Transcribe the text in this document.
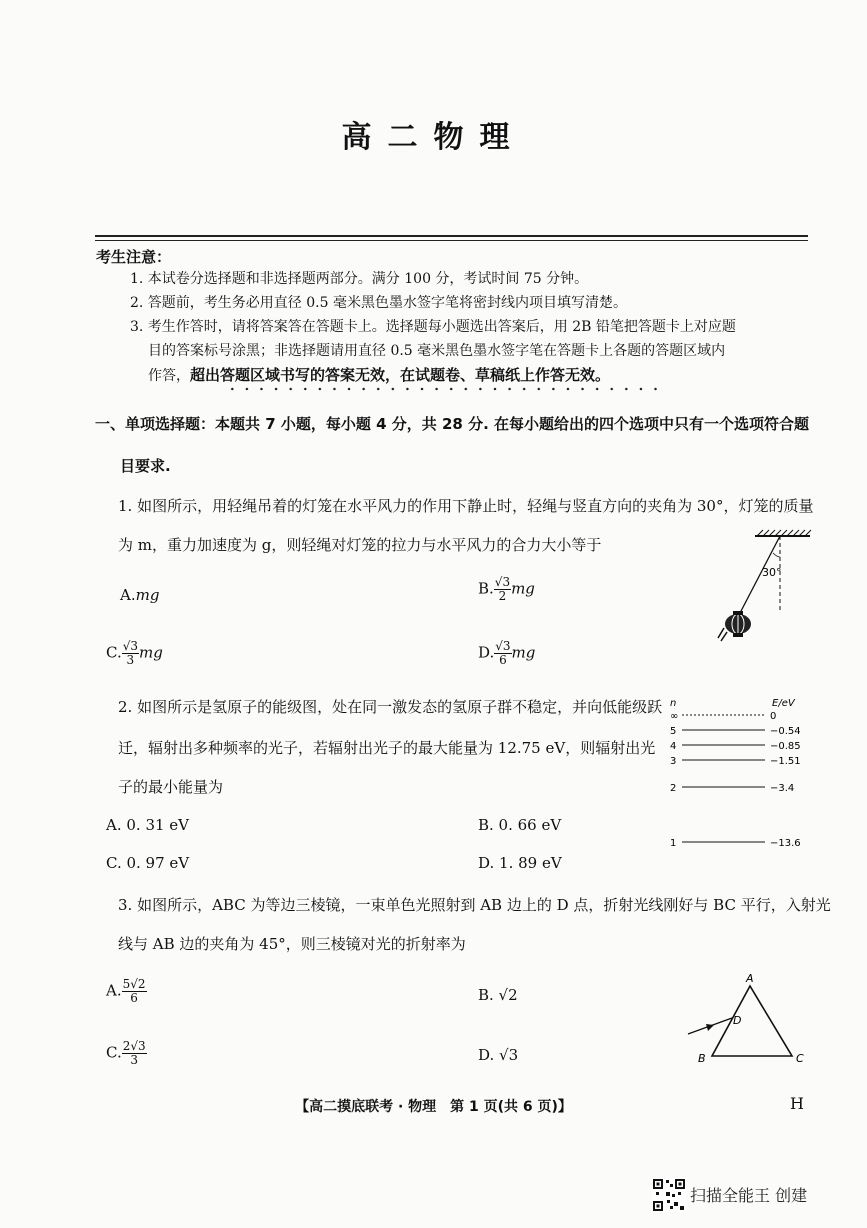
高二物理
考生注意：
1. 本试卷分选择题和非选择题两部分。满分 100 分，考试时间 75 分钟。
2. 答题前，考生务必用直径 0.5 毫米黑色墨水签字笔将密封线内项目填写清楚。
3. 考生作答时，请将答案答在答题卡上。选择题每小题选出答案后，用 2B 铅笔把答题卡上对应题
目的答案标号涂黑；非选择题请用直径 0.5 毫米黑色墨水签字笔在答题卡上各题的答题区域内
作答，超出答题区域书写的答案无效，在试题卷、草稿纸上作答无效。
一、单项选择题：本题共 7 小题，每小题 4 分，共 28 分. 在每小题给出的四个选项中只有一个选项符合题
目要求.
1. 如图所示，用轻绳吊着的灯笼在水平风力的作用下静止时，轻绳与竖直方向的夹角为 30°，灯笼的质量
为 m，重力加速度为 g，则轻绳对灯笼的拉力与水平风力的合力大小等于
A.mg	B. $\frac{√3}{2}$ mg
C. $\frac{√3}{3}$ mg	D. $\frac{√3}{6}$ mg
30°
2. 如图所示是氢原子的能级图，处在同一激发态的氢原子群不稳定，并向低能级跃
迁，辐射出多种频率的光子，若辐射出光子的最大能量为 12.75 eV，则辐射出光
子的最小能量为
A. 0. 31 eV	B. 0. 66 eV
C. 0. 97 eV	D. 1. 89 eV
n	E/eV
∞	0
5	−0.54
4	−0.85
3	−1.51
2	−3.4
1	−13.6
3. 如图所示，ABC 为等边三棱镜，一束单色光照射到 AB 边上的 D 点，折射光线刚好与 BC 平行，入射光
线与 AB 边的夹角为 45°，则三棱镜对光的折射率为
A. $\frac{5√2}{6}$	B. √2
C. $\frac{2√3}{3}$	D. √3
A
B	C
D
【高二摸底联考 · 物理　第 1 页(共 6 页)】	H
扫描全能王 创建
